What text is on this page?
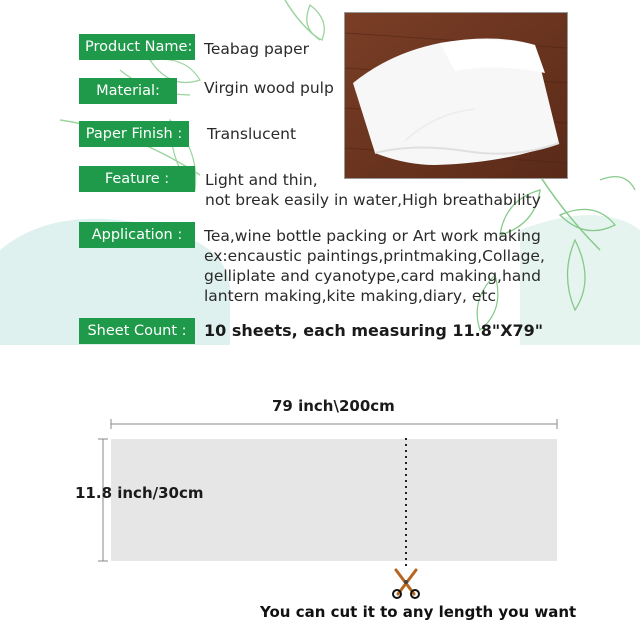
Product Name: Teabag paper
Material:	Virgin wood pulp
Paper Finish :	Translucent
Feature :	Light and thin,
not break easily in water,High breathability
Application :	Tea,wine bottle packing or Art work making
ex:encaustic paintings,printmaking,Collage,
gelliplate and cyanotype,card making,hand
lantern making,kite making,diary, etc
Sheet Count :	10 sheets, each measuring 11.8"X79"
79 inch\200cm
11.8 inch/30cm
You can cut it to any length you want
